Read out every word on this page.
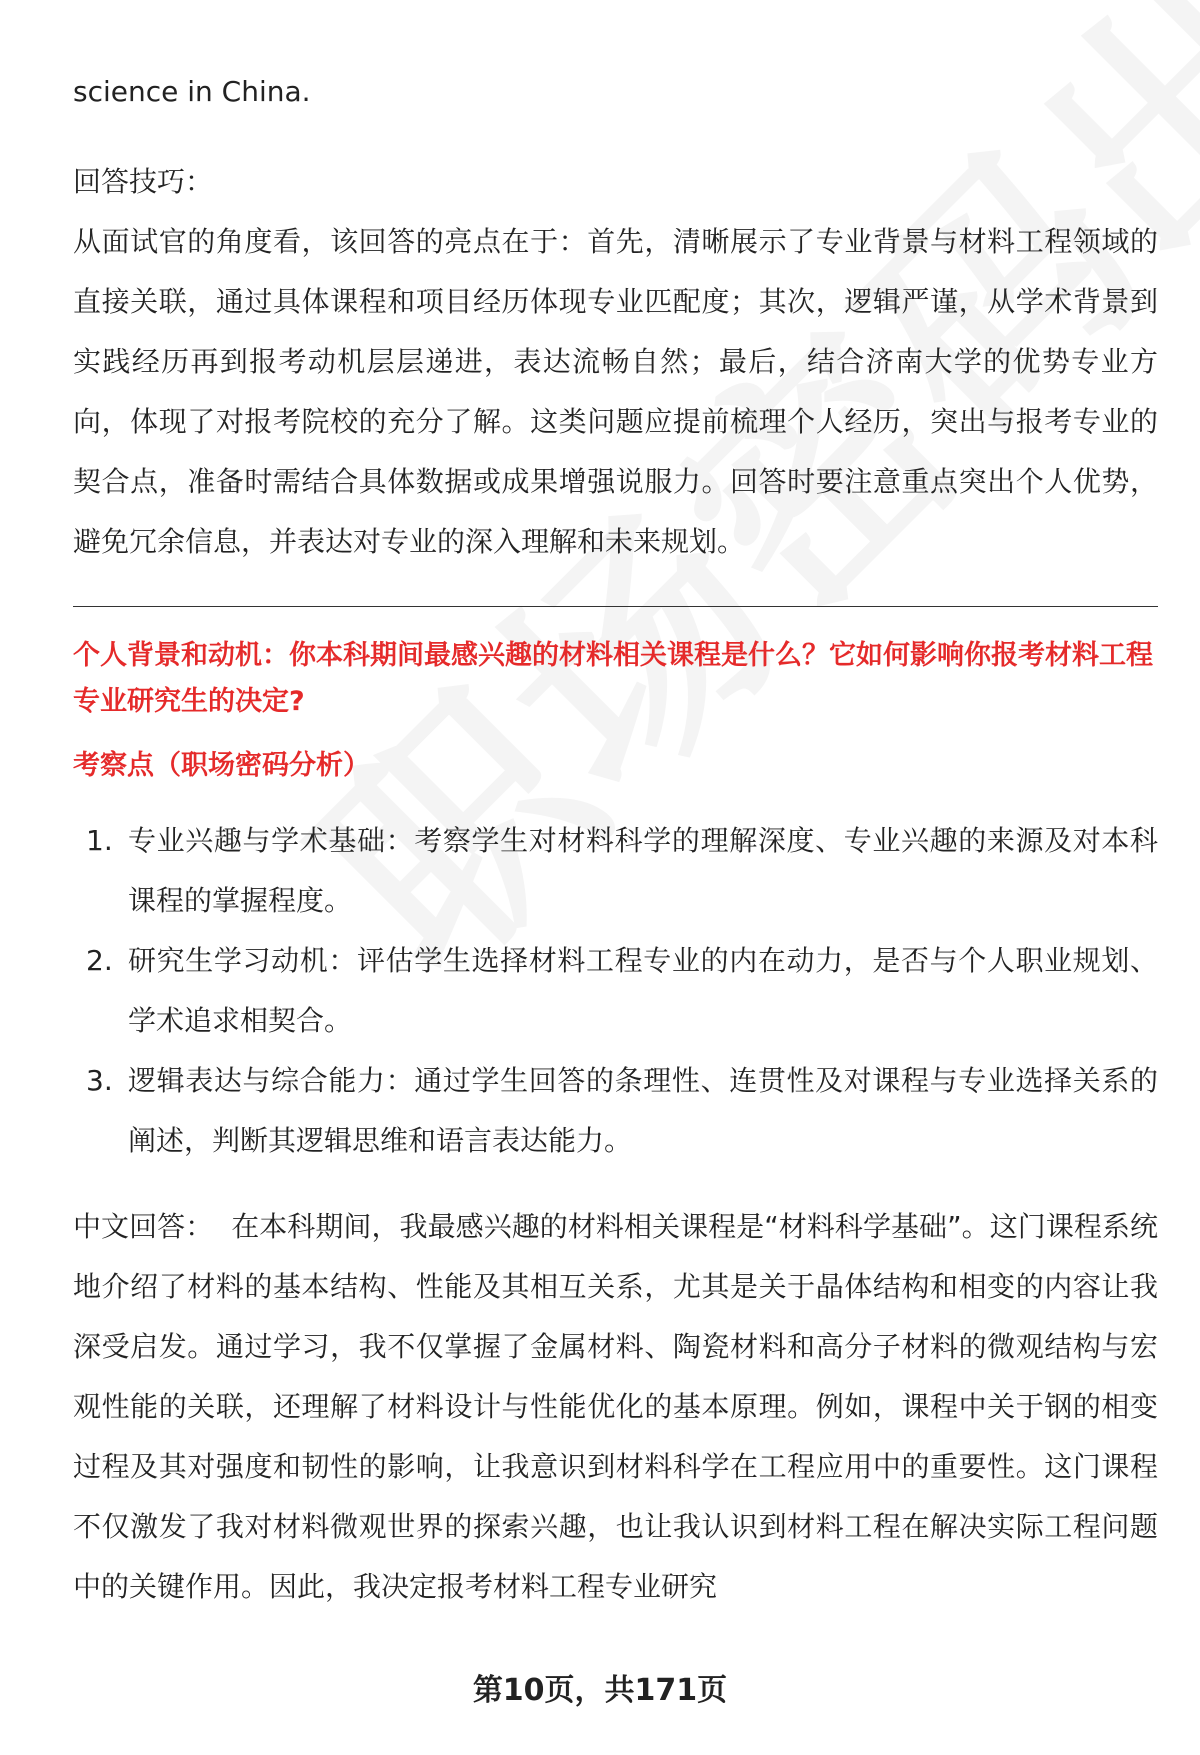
science in China.

回答技巧：

从面试官的角度看，该回答的亮点在于：首先，清晰展示了专业背景与材料工程领域的直接关联，通过具体课程和项目经历体现专业匹配度；其次，逻辑严谨，从学术背景到实践经历再到报考动机层层递进，表达流畅自然；最后，结合济南大学的优势专业方向，体现了对报考院校的充分了解。这类问题应提前梳理个人经历，突出与报考专业的契合点，准备时需结合具体数据或成果增强说服力。回答时要注意重点突出个人优势，避免冗余信息，并表达对专业的深入理解和未来规划。

个人背景和动机：你本科期间最感兴趣的材料相关课程是什么？它如何影响你报考材料工程专业研究生的决定?

考察点（职场密码分析）

1. 专业兴趣与学术基础：考察学生对材料科学的理解深度、专业兴趣的来源及对本科课程的掌握程度。
2. 研究生学习动机：评估学生选择材料工程专业的内在动力，是否与个人职业规划、学术追求相契合。
3. 逻辑表达与综合能力：通过学生回答的条理性、连贯性及对课程与专业选择关系的阐述，判断其逻辑思维和语言表达能力。

中文回答： 在本科期间，我最感兴趣的材料相关课程是“材料科学基础”。这门课程系统地介绍了材料的基本结构、性能及其相互关系，尤其是关于晶体结构和相变的内容让我深受启发。通过学习，我不仅掌握了金属材料、陶瓷材料和高分子材料的微观结构与宏观性能的关联，还理解了材料设计与性能优化的基本原理。例如，课程中关于钢的相变过程及其对强度和韧性的影响，让我意识到材料科学在工程应用中的重要性。这门课程不仅激发了我对材料微观世界的探索兴趣，也让我认识到材料工程在解决实际工程问题中的关键作用。因此，我决定报考材料工程专业研究

第10页，共171页
